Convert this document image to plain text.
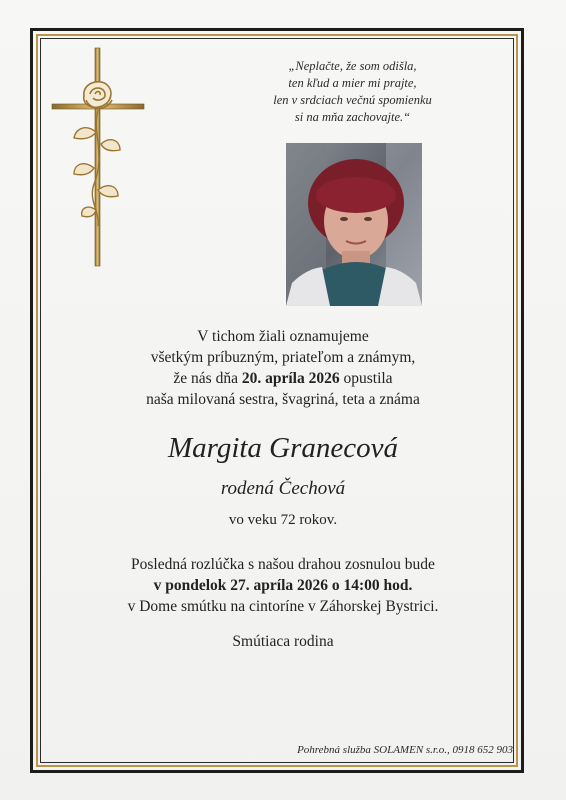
„Neplačte, že som odišla,
ten kľud a mier mi prajte,
len v srdciach večnú spomienku
si na mňa zachovajte.“
V tichom žiali oznamujeme
všetkým príbuzným, priateľom a známym,
že nás dňa 20. apríla 2026 opustila
naša milovaná sestra, švagriná, teta a známa
Margita Granecová
rodená Čechová
vo veku 72 rokov.
Posledná rozlúčka s našou drahou zosnulou bude
v pondelok 27. apríla 2026 o 14:00 hod.
v Dome smútku na cintoríne v Záhorskej Bystrici.
Smútiaca rodina
Pohrebná služba SOLAMEN s.r.o., 0918 652 903
